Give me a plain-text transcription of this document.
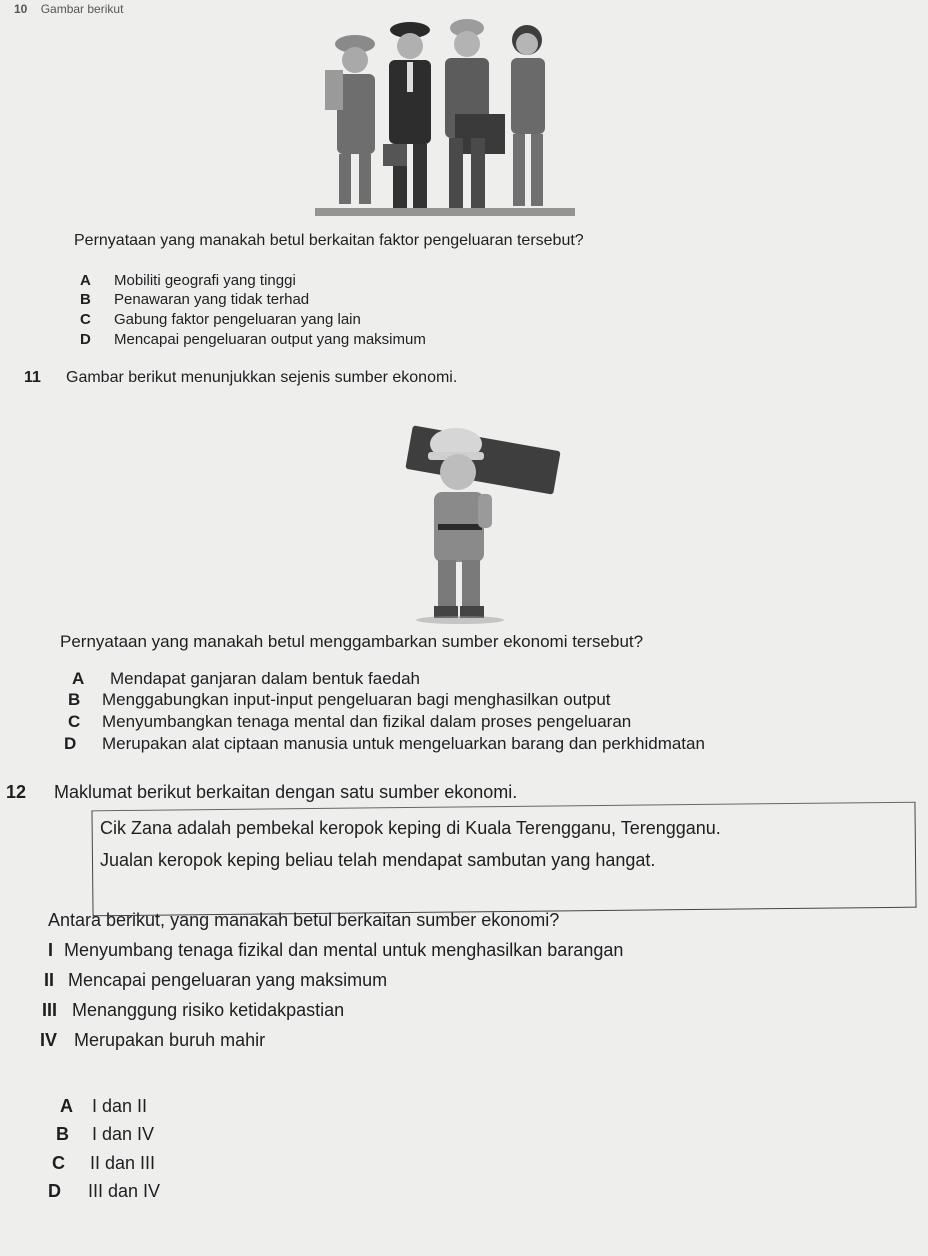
10 Gambar berikut
Pernyataan yang manakah betul berkaitan faktor pengeluaran tersebut?
A Mobiliti geografi yang tinggi
B Penawaran yang tidak terhad
C Gabung faktor pengeluaran yang lain
D Mencapai pengeluaran output yang maksimum
11 Gambar berikut menunjukkan sejenis sumber ekonomi.
Pernyataan yang manakah betul menggambarkan sumber ekonomi tersebut?
A Mendapat ganjaran dalam bentuk faedah
B Menggabungkan input-input pengeluaran bagi menghasilkan output
C Menyumbangkan tenaga mental dan fizikal dalam proses pengeluaran
D Merupakan alat ciptaan manusia untuk mengeluarkan barang dan perkhidmatan
12 Maklumat berikut berkaitan dengan satu sumber ekonomi.
Cik Zana adalah pembekal keropok keping di Kuala Terengganu, Terengganu.
Jualan keropok keping beliau telah mendapat sambutan yang hangat.
Antara berikut, yang manakah betul berkaitan sumber ekonomi?
I Menyumbang tenaga fizikal dan mental untuk menghasilkan barangan
II Mencapai pengeluaran yang maksimum
III Menanggung risiko ketidakpastian
IV Merupakan buruh mahir
A I dan II
B I dan IV
C II dan III
D III dan IV
